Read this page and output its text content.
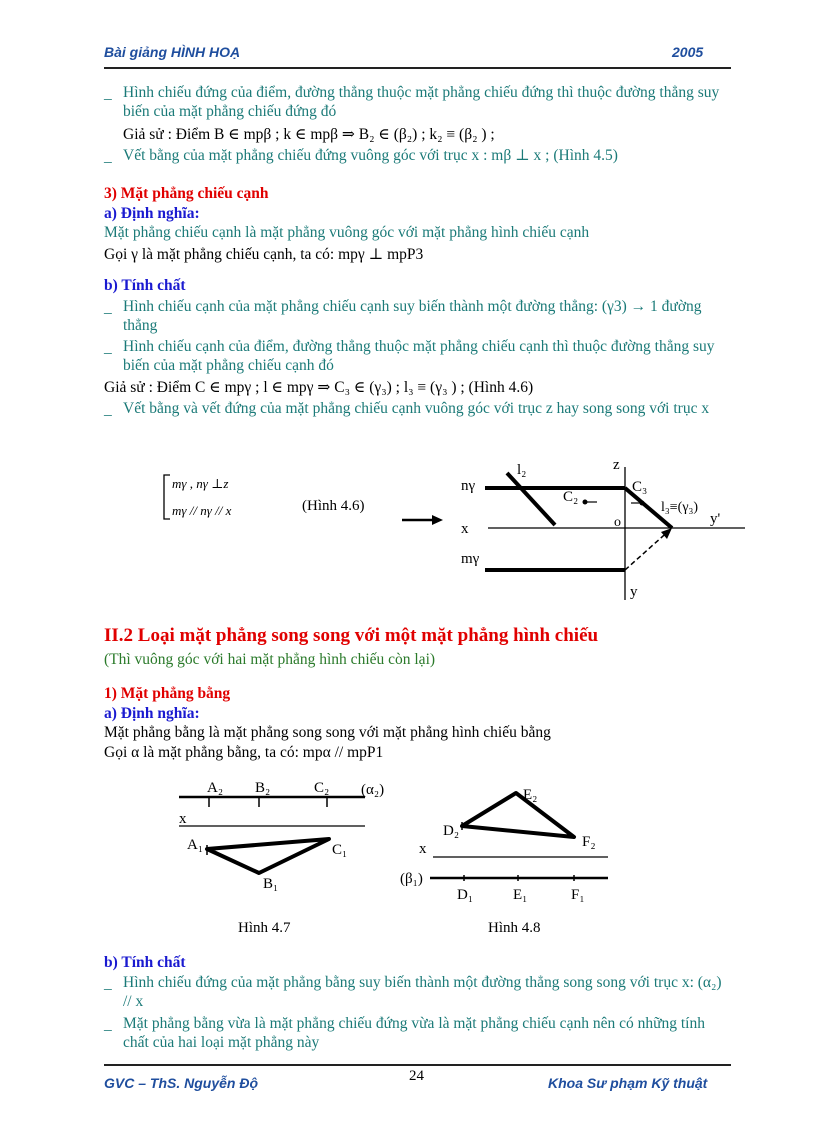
Bài giảng HÌNH HOẠ	2005
_ Hình chiếu đứng của điểm, đường thẳng thuộc mặt phẳng chiếu đứng thì thuộc đường thẳng suy biến của mặt phẳng chiếu đứng đó
Giả sử : Điểm B ∈ mpβ ; k ∈ mpβ ⇒ B₂ ∈ (β₂) ; k₂ ≡ (β₂ ) ;
_ Vết bằng của mặt phẳng chiếu đứng vuông góc với trục x : mβ ⊥ x ; (Hình 4.5)
3) Mặt phẳng chiếu cạnh
a) Định nghĩa:
Mặt phẳng chiếu cạnh là mặt phẳng vuông góc với mặt phẳng hình chiếu cạnh
Gọi γ là mặt phẳng chiếu cạnh, ta có: mpγ ⊥ mpP3
b) Tính chất
_ Hình chiếu cạnh của mặt phẳng chiếu cạnh suy biến thành một đường thẳng: (γ3) → 1 đường thẳng
_ Hình chiếu cạnh của điểm, đường thẳng thuộc mặt phẳng chiếu cạnh thì thuộc đường thẳng suy biến của mặt phẳng chiếu cạnh đó
Giả sử : Điểm C ∈ mpγ ; l ∈ mpγ ⇒ C₃ ∈ (γ₃) ; l₃ ≡ (γ₃ ) ; (Hình 4.6)
_ Vết bằng và vết đứng của mặt phẳng chiếu cạnh vuông góc với trục z hay song song với trục x
mγ , nγ ⊥z
mγ // nγ // x	(Hình 4.6)
z
nγ
l₂
C₂
C₃
l₃≡(γ₃)
x	o	y'
mγ
y
II.2 Loại mặt phẳng song song với một mặt phẳng hình chiếu
(Thì vuông góc với hai mặt phẳng hình chiếu còn lại)
1) Mặt phẳng bằng
a) Định nghĩa:
Mặt phẳng bằng là mặt phẳng song song với mặt phẳng hình chiếu bằng
Gọi α là mặt phẳng bằng, ta có: mpα // mpP1
A₂ B₂	C₂ (α₂)
x
A₁	C₁
B₁
Hình 4.7
E₂
D₂
F₂
x
(β₁)
D₁	E₁	F₁
Hình 4.8
b) Tính chất
_ Hình chiếu đứng của mặt phẳng bằng suy biến thành một đường thẳng song song với trục x: (α₂) // x
_ Mặt phẳng bằng vừa là mặt phẳng chiếu đứng vừa là mặt phẳng chiếu cạnh nên có những tính chất của hai loại mặt phẳng này
GVC – ThS. Nguyễn Độ	24	Khoa Sư phạm Kỹ thuật
